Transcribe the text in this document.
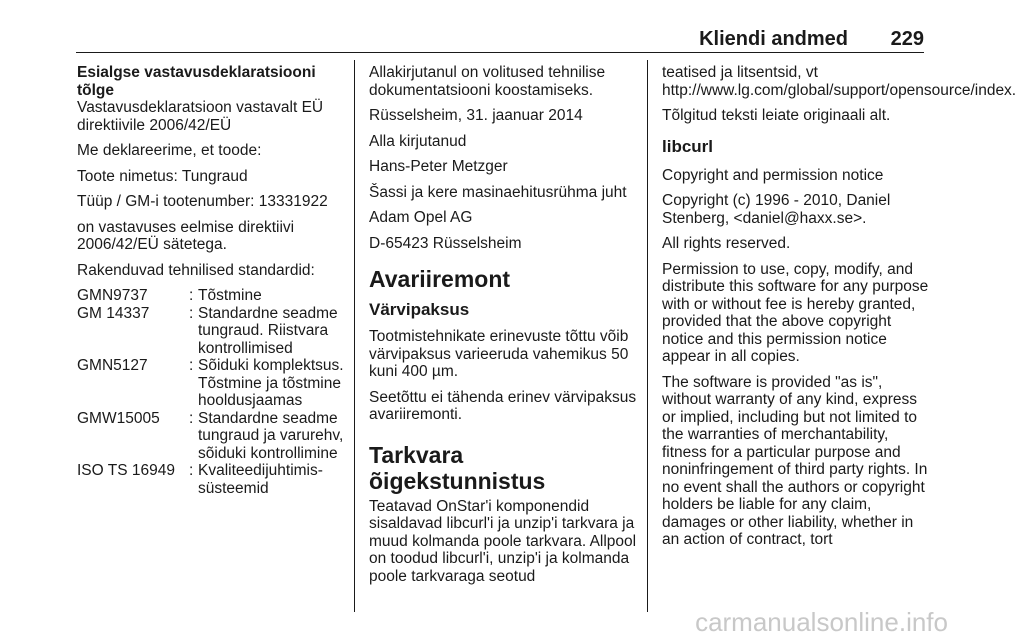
Kliendi andmed 229

Esialgse vastavusdeklaratsiooni tõlge

Vastavusdeklaratsioon vastavalt EÜ direktiivile 2006/42/EÜ

Me deklareerime, et toode:

Toote nimetus: Tungraud

Tüüp / GM-i tootenumber: 13331922

on vastavuses eelmise direktiivi 2006/42/EÜ sätetega.

Rakenduvad tehnilised standardid:

GMN9737	:	Tõstmine
GM 14337	:	Standardne seadme tungraud. Riistvara kontrollimised
GMN5127	:	Sõiduki komplektsus. Tõstmine ja tõstmine hooldusjaamas
GMW15005	:	Standardne seadme tungraud ja varurehv, sõiduki kontrollimine
ISO TS 16949	:	Kvaliteedijuhtimis-süsteemid

Allakirjutanul on volitused tehnilise dokumentatsiooni koostamiseks.

Rüsselsheim, 31. jaanuar 2014

Alla kirjutanud

Hans-Peter Metzger

Šassi ja kere masinaehitusrühma juht

Adam Opel AG

D-65423 Rüsselsheim

Avariiremont
Värvipaksus

Tootmistehnikate erinevuste tõttu võib värvipaksus varieeruda vahemikus 50 kuni 400 µm.

Seetõttu ei tähenda erinev värvipaksus avariiremonti.

Tarkvara õigekstunnistus

Teatavad OnStar'i komponendid sisaldavad libcurl'i ja unzip'i tarkvara ja muud kolmanda poole tarkvara. Allpool on toodud libcurl'i, unzip'i ja kolmanda poole tarkvaraga seotud

teatised ja litsentsid, vt http://www.lg.com/global/support/opensource/index.

Tõlgitud teksti leiate originaali alt.

libcurl

Copyright and permission notice

Copyright (c) 1996 - 2010, Daniel Stenberg, <daniel@haxx.se>.

All rights reserved.

Permission to use, copy, modify, and distribute this software for any purpose with or without fee is hereby granted, provided that the above copyright notice and this permission notice appear in all copies.

The software is provided "as is", without warranty of any kind, express or implied, including but not limited to the warranties of merchantability, fitness for a particular purpose and noninfringement of third party rights. In no event shall the authors or copyright holders be liable for any claim, damages or other liability, whether in an action of contract, tort

carmanualsonline.info
